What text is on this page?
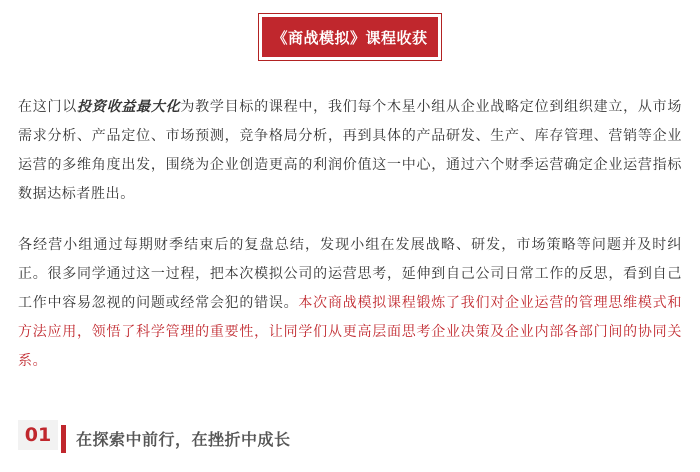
《商战模拟》课程收获

在这门以投资收益最大化为教学目标的课程中，我们每个木星小组从企业战略定位到组织建立，从市场需求分析、产品定位、市场预测，竞争格局分析，再到具体的产品研发、生产、库存管理、营销等企业运营的多维角度出发，围绕为企业创造更高的利润价值这一中心，通过六个财季运营确定企业运营指标数据达标者胜出。

各经营小组通过每期财季结束后的复盘总结，发现小组在发展战略、研发，市场策略等问题并及时纠正。很多同学通过这一过程，把本次模拟公司的运营思考，延伸到自己公司日常工作的反思，看到自己工作中容易忽视的问题或经常会犯的错误。本次商战模拟课程锻炼了我们对企业运营的管理思维模式和方法应用，领悟了科学管理的重要性，让同学们从更高层面思考企业决策及企业内部各部门间的协同关系。

01	在探索中前行，在挫折中成长
